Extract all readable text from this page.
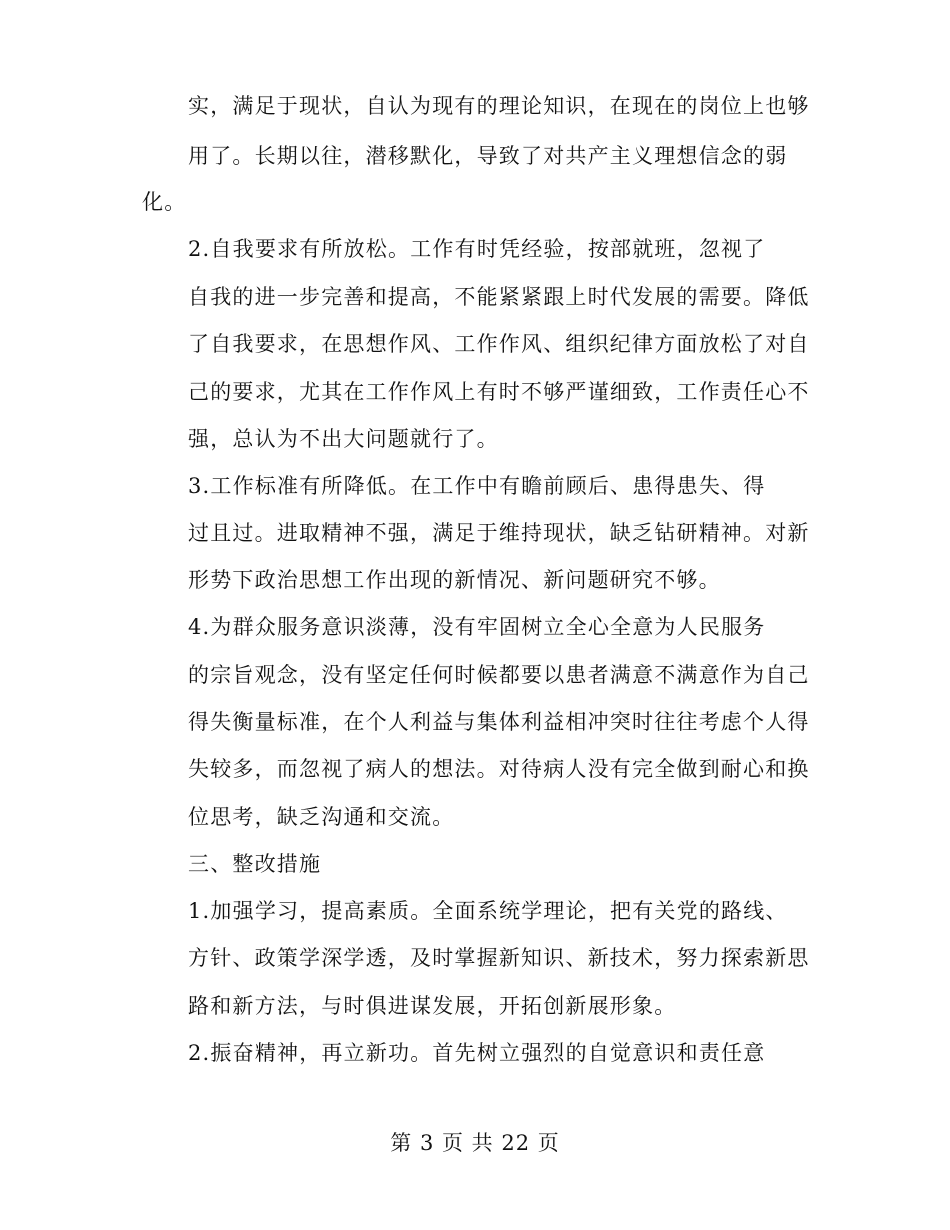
实，满足于现状，自认为现有的理论知识，在现在的岗位上也够
用了。长期以往，潜移默化，导致了对共产主义理想信念的弱
化。
2.自我要求有所放松。工作有时凭经验，按部就班，忽视了
自我的进一步完善和提高，不能紧紧跟上时代发展的需要。降低
了自我要求，在思想作风、工作作风、组织纪律方面放松了对自
己的要求，尤其在工作作风上有时不够严谨细致，工作责任心不
强，总认为不出大问题就行了。
3.工作标准有所降低。在工作中有瞻前顾后、患得患失、得
过且过。进取精神不强，满足于维持现状，缺乏钻研精神。对新
形势下政治思想工作出现的新情况、新问题研究不够。
4.为群众服务意识淡薄，没有牢固树立全心全意为人民服务
的宗旨观念，没有坚定任何时候都要以患者满意不满意作为自己
得失衡量标准，在个人利益与集体利益相冲突时往往考虑个人得
失较多，而忽视了病人的想法。对待病人没有完全做到耐心和换
位思考，缺乏沟通和交流。
三、整改措施
1.加强学习，提高素质。全面系统学理论，把有关党的路线、
方针、政策学深学透，及时掌握新知识、新技术，努力探索新思
路和新方法，与时俱进谋发展，开拓创新展形象。
2.振奋精神，再立新功。首先树立强烈的自觉意识和责任意
第 3 页 共 22 页
